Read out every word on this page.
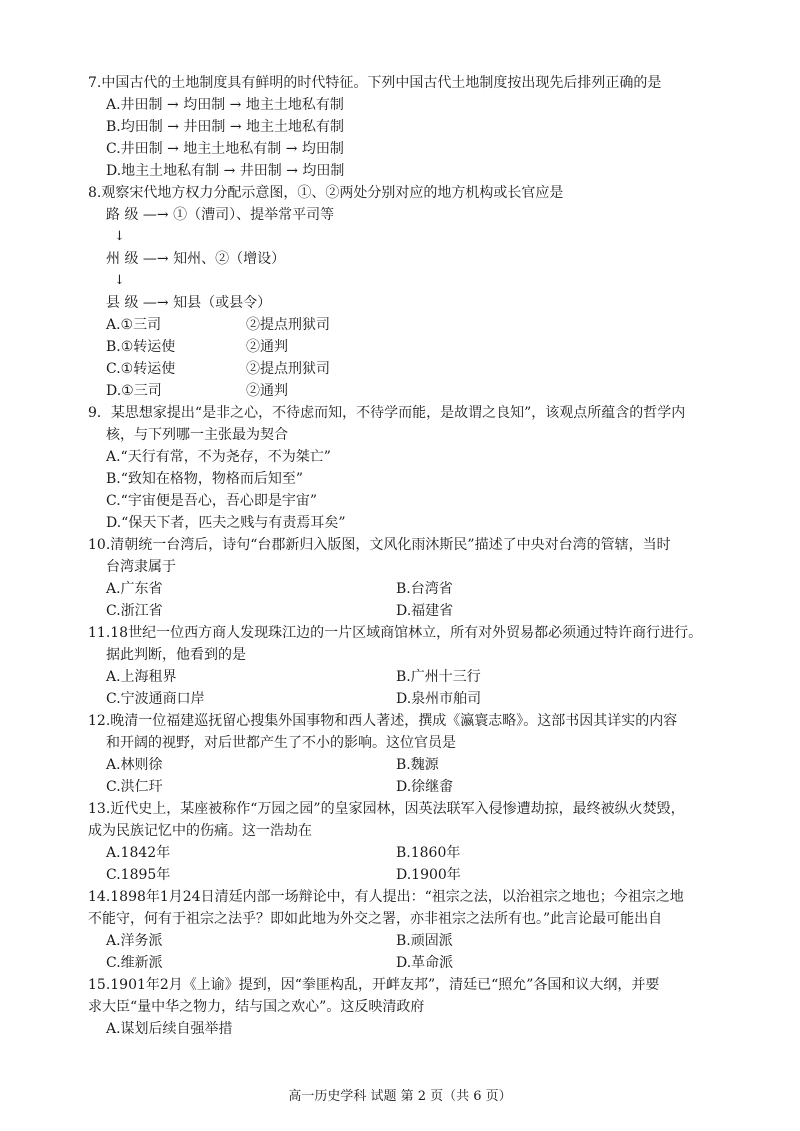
7.中国古代的土地制度具有鲜明的时代特征。下列中国古代土地制度按出现先后排列正确的是
A.井田制 → 均田制 → 地主土地私有制
B.均田制 → 井田制 → 地主土地私有制
C.井田制 → 地主土地私有制 → 均田制
D.地主土地私有制 → 井田制 → 均田制
8.观察宋代地方权力分配示意图，①、②两处分别对应的地方机构或长官应是
路 级 —→ ①（漕司）、提举常平司等
↓
州 级 —→ 知州、②（增设）
↓
县 级 —→ 知县（或县令）
A.①三司	②提点刑狱司
B.①转运使	②通判
C.①转运使	②提点刑狱司
D.①三司	②通判
9．某思想家提出“是非之心，不待虑而知，不待学而能，是故谓之良知”，该观点所蕴含的哲学内
核，与下列哪一主张最为契合
A.“天行有常，不为尧存，不为桀亡”
B.“致知在格物，物格而后知至”
C.“宇宙便是吾心，吾心即是宇宙”
D.“保天下者，匹夫之贱与有责焉耳矣”
10.清朝统一台湾后，诗句“台郡新归入版图，文风化雨沐斯民”描述了中央对台湾的管辖，当时
台湾隶属于
A.广东省	B.台湾省
C.浙江省	D.福建省
11.18世纪一位西方商人发现珠江边的一片区域商馆林立，所有对外贸易都必须通过特许商行进行。
据此判断，他看到的是
A.上海租界	B.广州十三行
C.宁波通商口岸	D.泉州市舶司
12.晚清一位福建巡抚留心搜集外国事物和西人著述，撰成《瀛寰志略》。这部书因其详实的内容
和开阔的视野，对后世都产生了不小的影响。这位官员是
A.林则徐	B.魏源
C.洪仁玕	D.徐继畬
13.近代史上，某座被称作“万园之园”的皇家园林，因英法联军入侵惨遭劫掠，最终被纵火焚毁，
成为民族记忆中的伤痛。这一浩劫在
A.1842年	B.1860年
C.1895年	D.1900年
14.1898年1月24日清廷内部一场辩论中，有人提出：“祖宗之法，以治祖宗之地也；今祖宗之地
不能守，何有于祖宗之法乎？即如此地为外交之署，亦非祖宗之法所有也。”此言论最可能出自
A.洋务派	B.顽固派
C.维新派	D.革命派
15.1901年2月《上谕》提到，因“拳匪构乱，开衅友邦”，清廷已“照允”各国和议大纲，并要
求大臣“量中华之物力，结与国之欢心”。这反映清政府
A.谋划后续自强举措
高一历史学科 试题 第 2 页（共 6 页）
